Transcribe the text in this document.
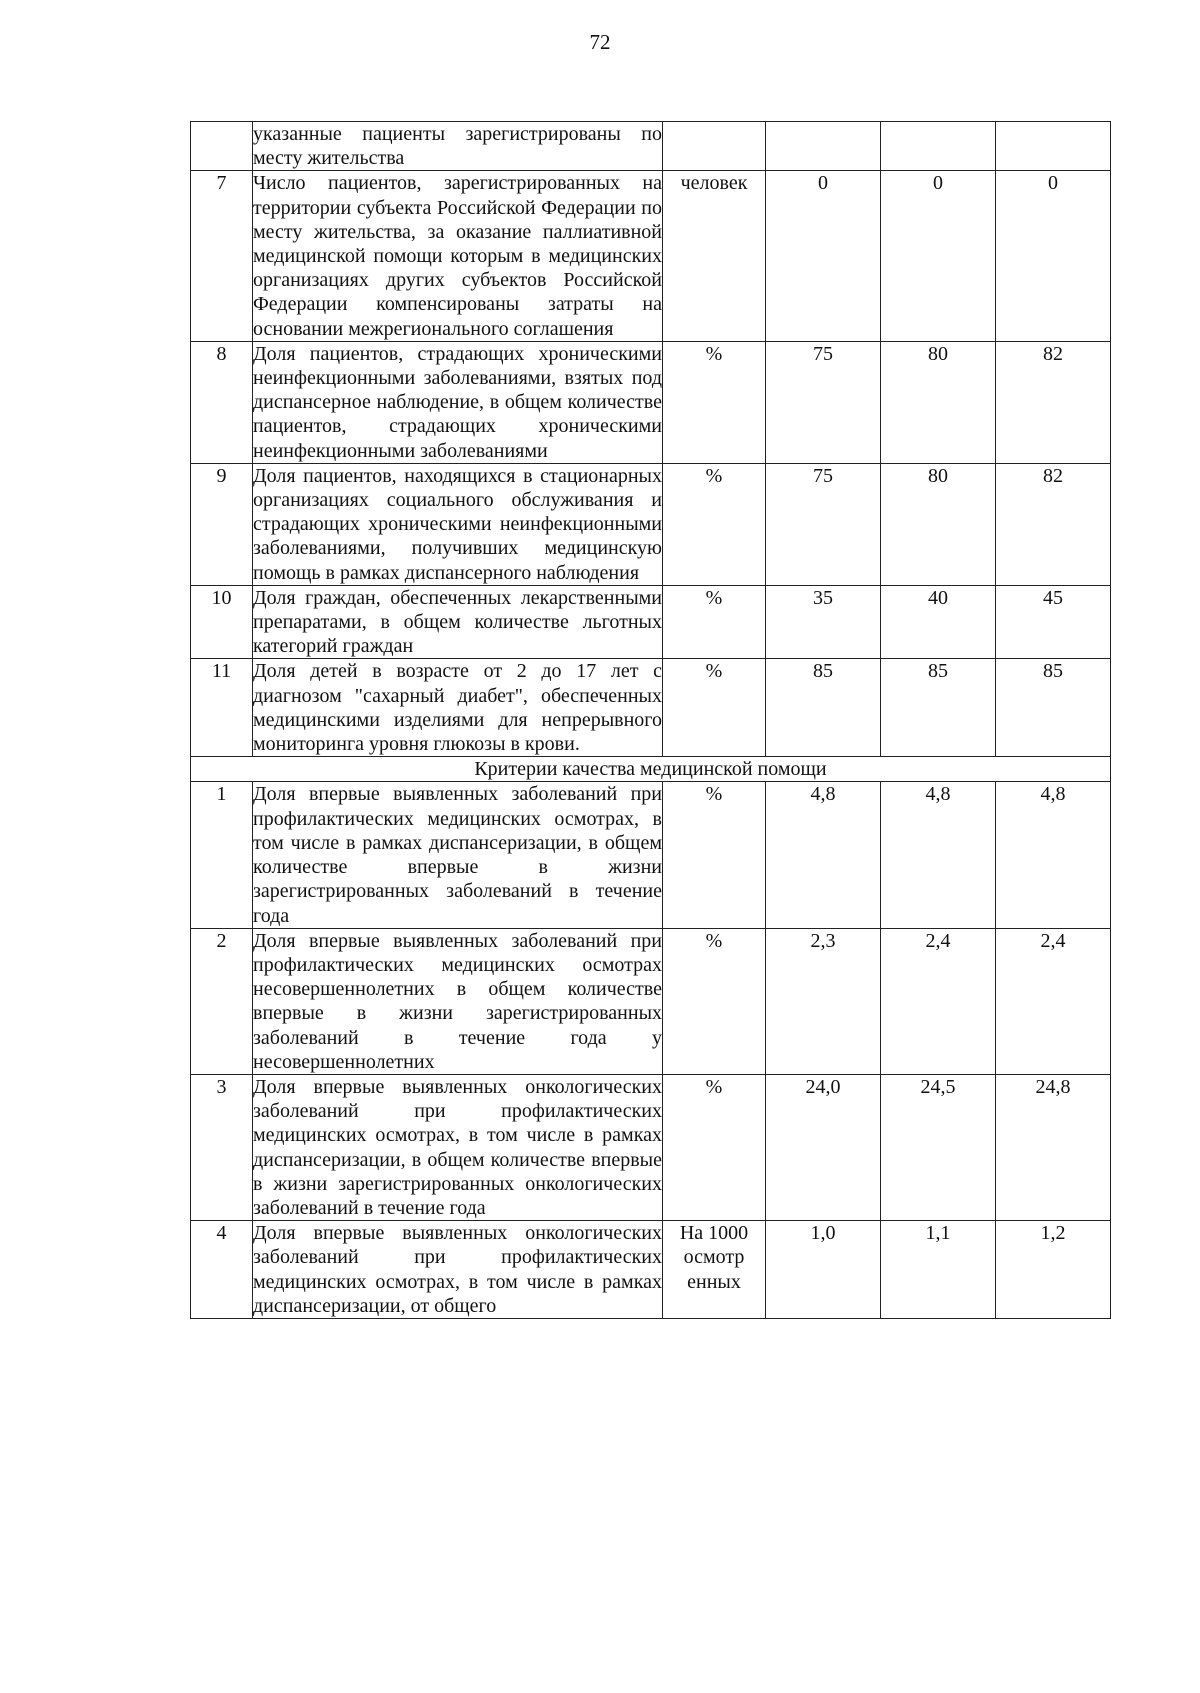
72
	указанные пациенты зарегистрированы по месту жительства				
7	Число пациентов, зарегистрированных на территории субъекта Российской Федерации по месту жительства, за оказание паллиативной медицинской помощи которым в медицинских организациях других субъектов Российской Федерации компенсированы затраты на основании межрегионального соглашения	человек	0	0	0
8	Доля пациентов, страдающих хроническими неинфекционными заболеваниями, взятых под диспансерное наблюдение, в общем количестве пациентов, страдающих хроническими неинфекционными заболеваниями	%	75	80	82
9	Доля пациентов, находящихся в стационарных организациях социального обслуживания и страдающих хроническими неинфекционными заболеваниями, получивших медицинскую помощь в рамках диспансерного наблюдения	%	75	80	82
10	Доля граждан, обеспеченных лекарственными препаратами, в общем количестве льготных категорий граждан	%	35	40	45
11	Доля детей в возрасте от 2 до 17 лет с диагнозом "сахарный диабет", обеспеченных медицинскими изделиями для непрерывного мониторинга уровня глюкозы в крови.	%	85	85	85
Критерии качества медицинской помощи					
1	Доля впервые выявленных заболеваний при профилактических медицинских осмотрах, в том числе в рамках диспансеризации, в общем количестве впервые в жизни зарегистрированных заболеваний в течение года	%	4,8	4,8	4,8
2	Доля впервые выявленных заболеваний при профилактических медицинских осмотрах несовершеннолетних в общем количестве впервые в жизни зарегистрированных заболеваний в течение года у несовершеннолетних	%	2,3	2,4	2,4
3	Доля впервые выявленных онкологических заболеваний при профилактических медицинских осмотрах, в том числе в рамках диспансеризации, в общем количестве впервые в жизни зарегистрированных онкологических заболеваний в течение года	%	24,0	24,5	24,8
4	Доля впервые выявленных онкологических заболеваний при профилактических медицинских осмотрах, в том числе в рамках диспансеризации, от общего	На 1000 осмотр енных	1,0	1,1	1,2
